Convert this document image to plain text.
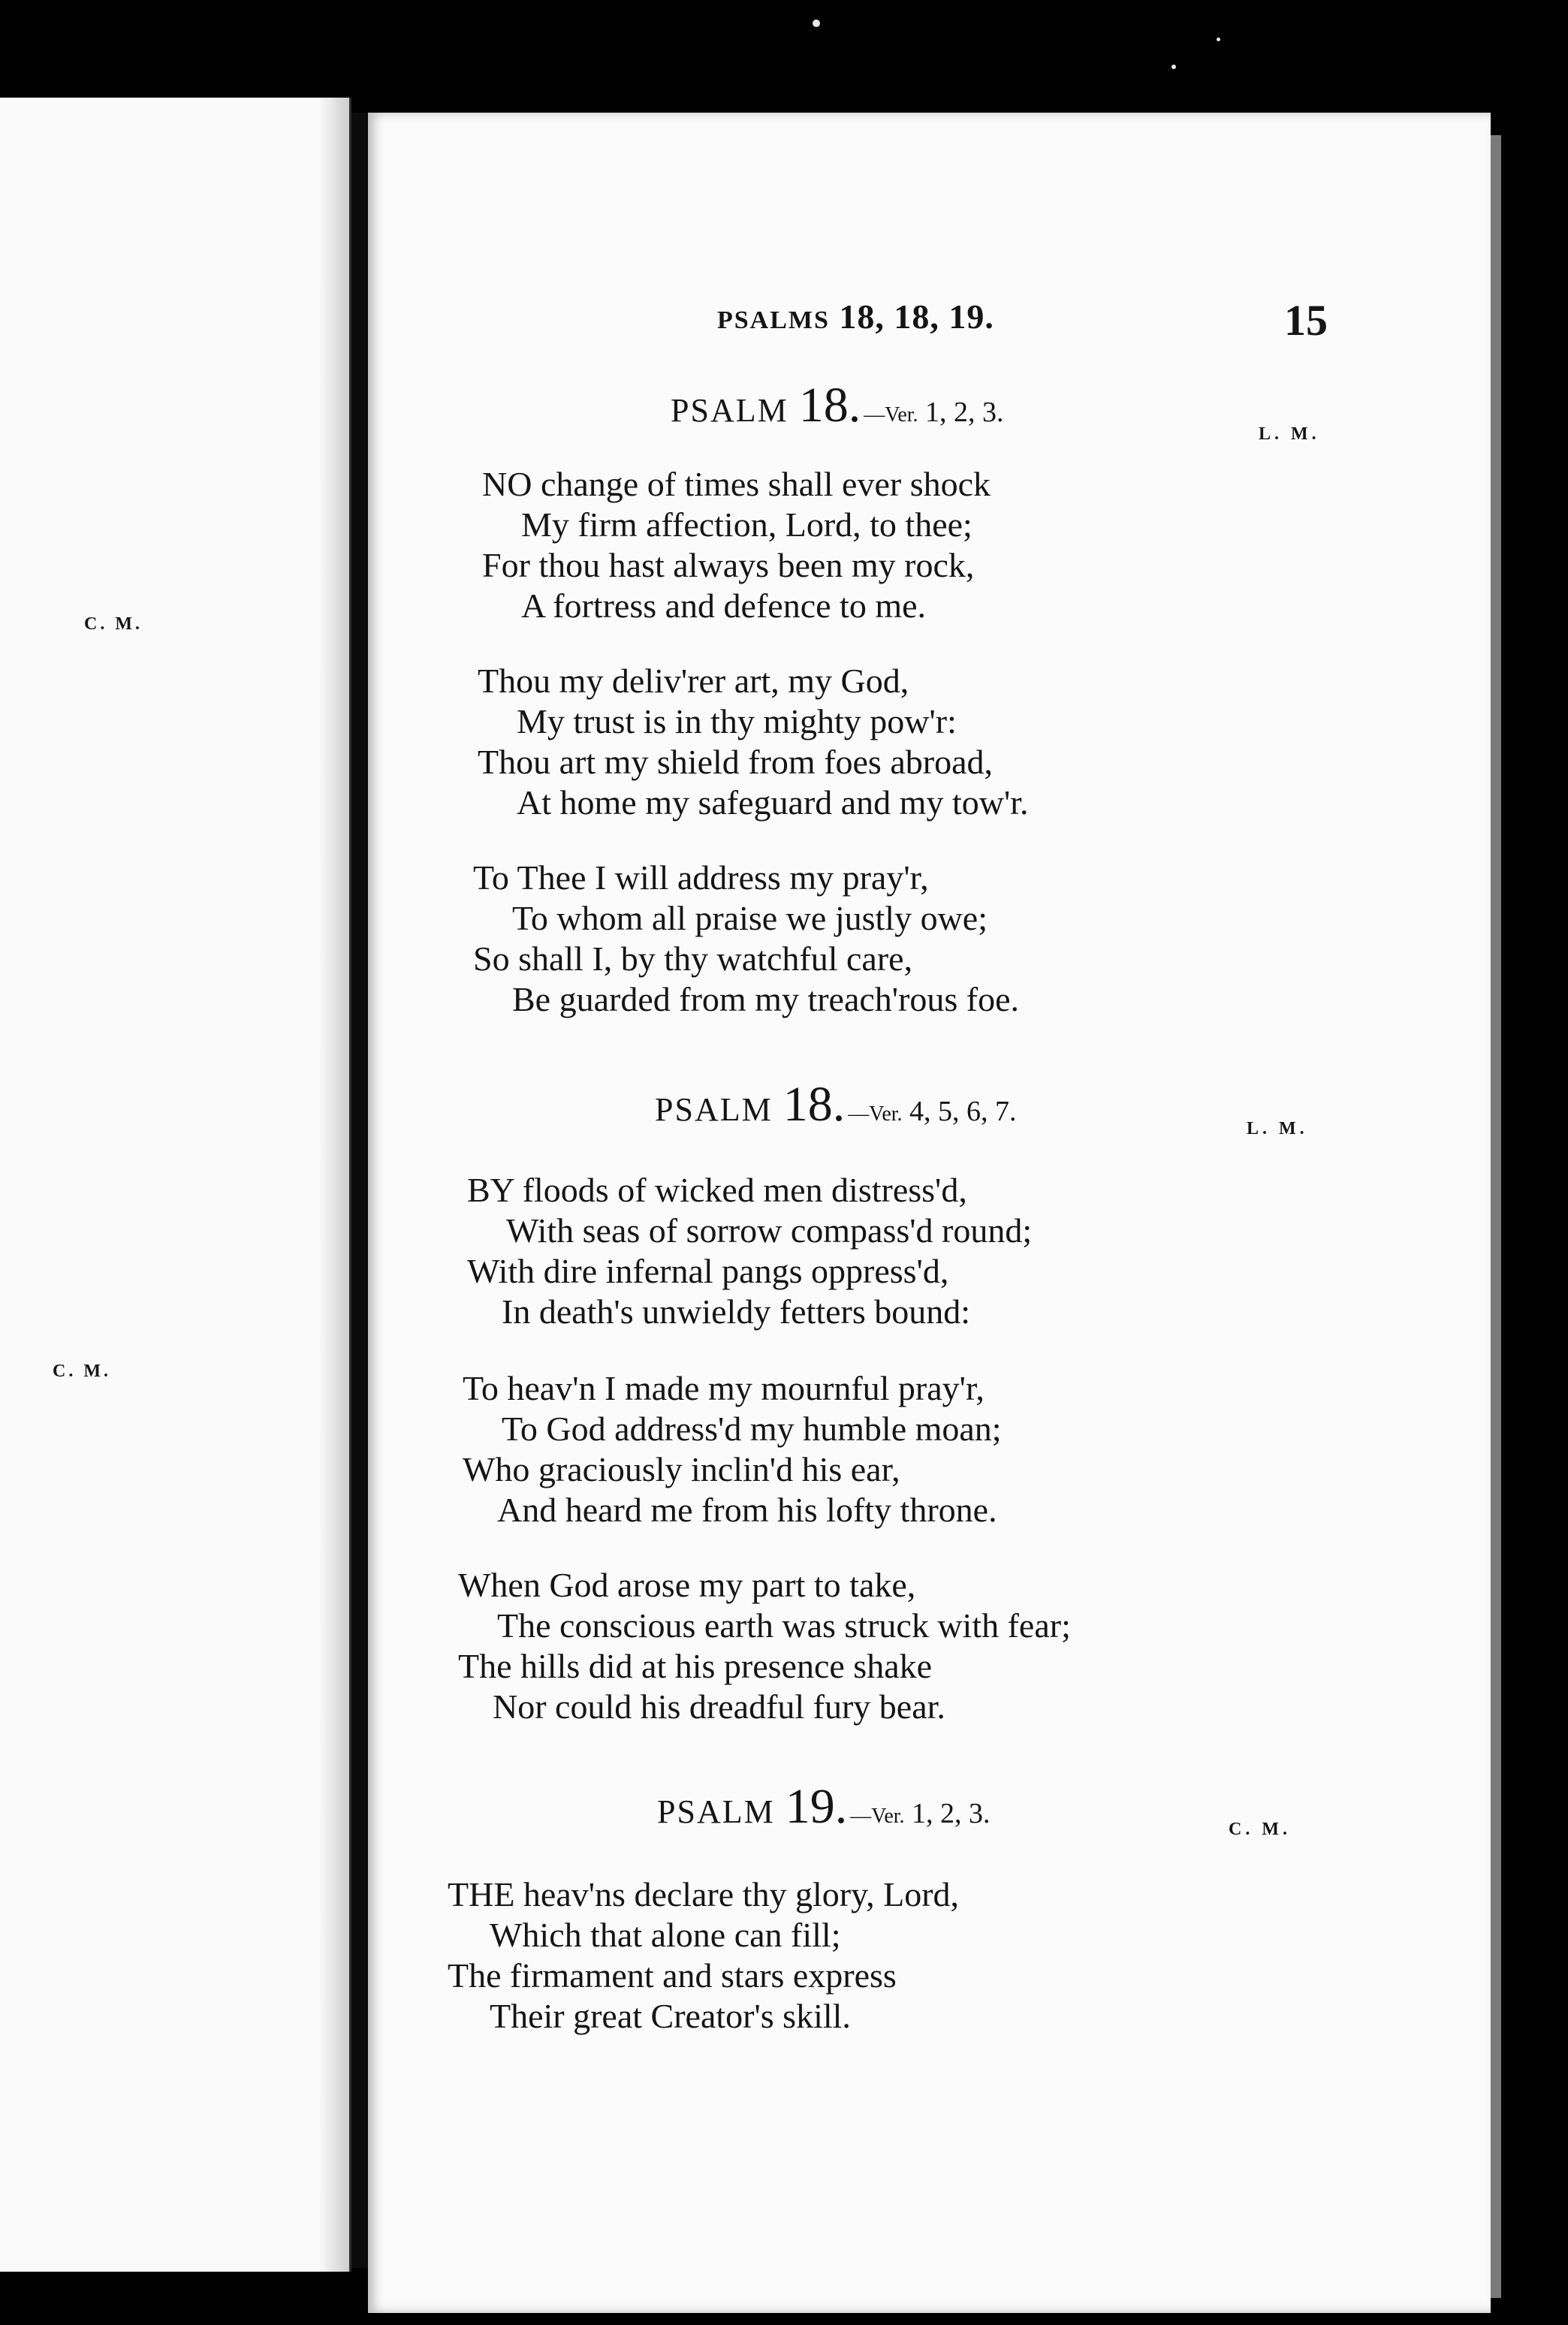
C. M.
C. M.
PSALMS 18, 18, 19.	15
PSALM 18. —Ver. 1, 2, 3.
L. M.
NO change of times shall ever shock
My firm affection, Lord, to thee;
For thou hast always been my rock,
A fortress and defence to me.
Thou my deliv'rer art, my God,
My trust is in thy mighty pow'r:
Thou art my shield from foes abroad,
At home my safeguard and my tow'r.
To Thee I will address my pray'r,
To whom all praise we justly owe;
So shall I, by thy watchful care,
Be guarded from my treach'rous foe.
PSALM 18. —Ver. 4, 5, 6, 7.
L. M.
BY floods of wicked men distress'd,
With seas of sorrow compass'd round;
With dire infernal pangs oppress'd,
In death's unwieldy fetters bound:
To heav'n I made my mournful pray'r,
To God address'd my humble moan;
Who graciously inclin'd his ear,
And heard me from his lofty throne.
When God arose my part to take,
The conscious earth was struck with fear;
The hills did at his presence shake
Nor could his dreadful fury bear.
PSALM 19. —Ver. 1, 2, 3.	C. M.
THE heav'ns declare thy glory, Lord,
Which that alone can fill;
The firmament and stars express
Their great Creator's skill.
